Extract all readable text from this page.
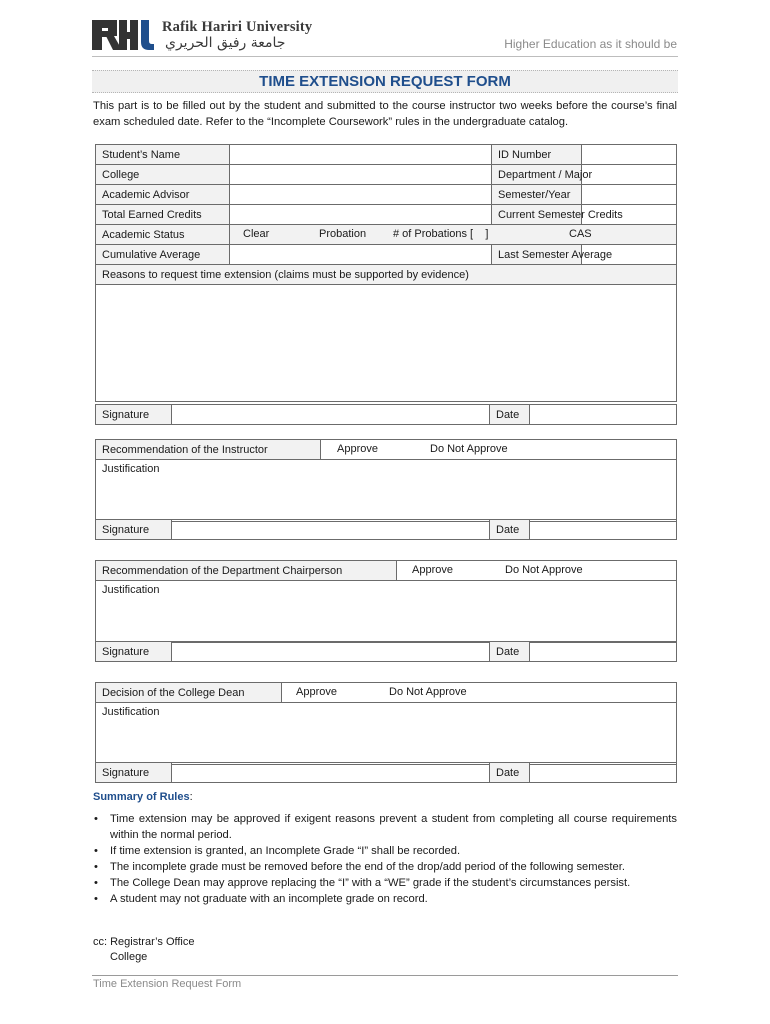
Rafik Hariri University
جامعة رفيق الحريري	Higher Education as it should be
TIME EXTENSION REQUEST FORM
This part is to be filled out by the student and submitted to the course instructor two weeks before the course’s final exam scheduled date. Refer to the “Incomplete Coursework” rules in the undergraduate catalog.
Student’s Name		ID Number	
College		Department / Major	
Academic Advisor		Semester/Year	
Total Earned Credits		Current Semester Credits	
Academic Status	Clear Probation # of Probations [    ] CAS		

Cumulative Average		Last Semester Average	
Reasons to request time extension (claims must be supported by evidence)			

Signature		Date	
Recommendation of the Instructor	Approve	Do Not Approve

Justification
Signature		Date	
Recommendation of the Department Chairperson	Approve	Do Not Approve

Justification
Signature		Date	
Decision of the College Dean	Approve	Do Not Approve

Justification
Signature		Date	
Summary of Rules:
• Time extension may be approved if exigent reasons prevent a student from completing all course requirements within the normal period.
• If time extension is granted, an Incomplete Grade “I” shall be recorded.
• The incomplete grade must be removed before the end of the drop/add period of the following semester.
• The College Dean may approve replacing the “I” with a “WE” grade if the student’s circumstances persist.
• A student may not graduate with an incomplete grade on record.
cc: Registrar’s Office
College
Time Extension Request Form
